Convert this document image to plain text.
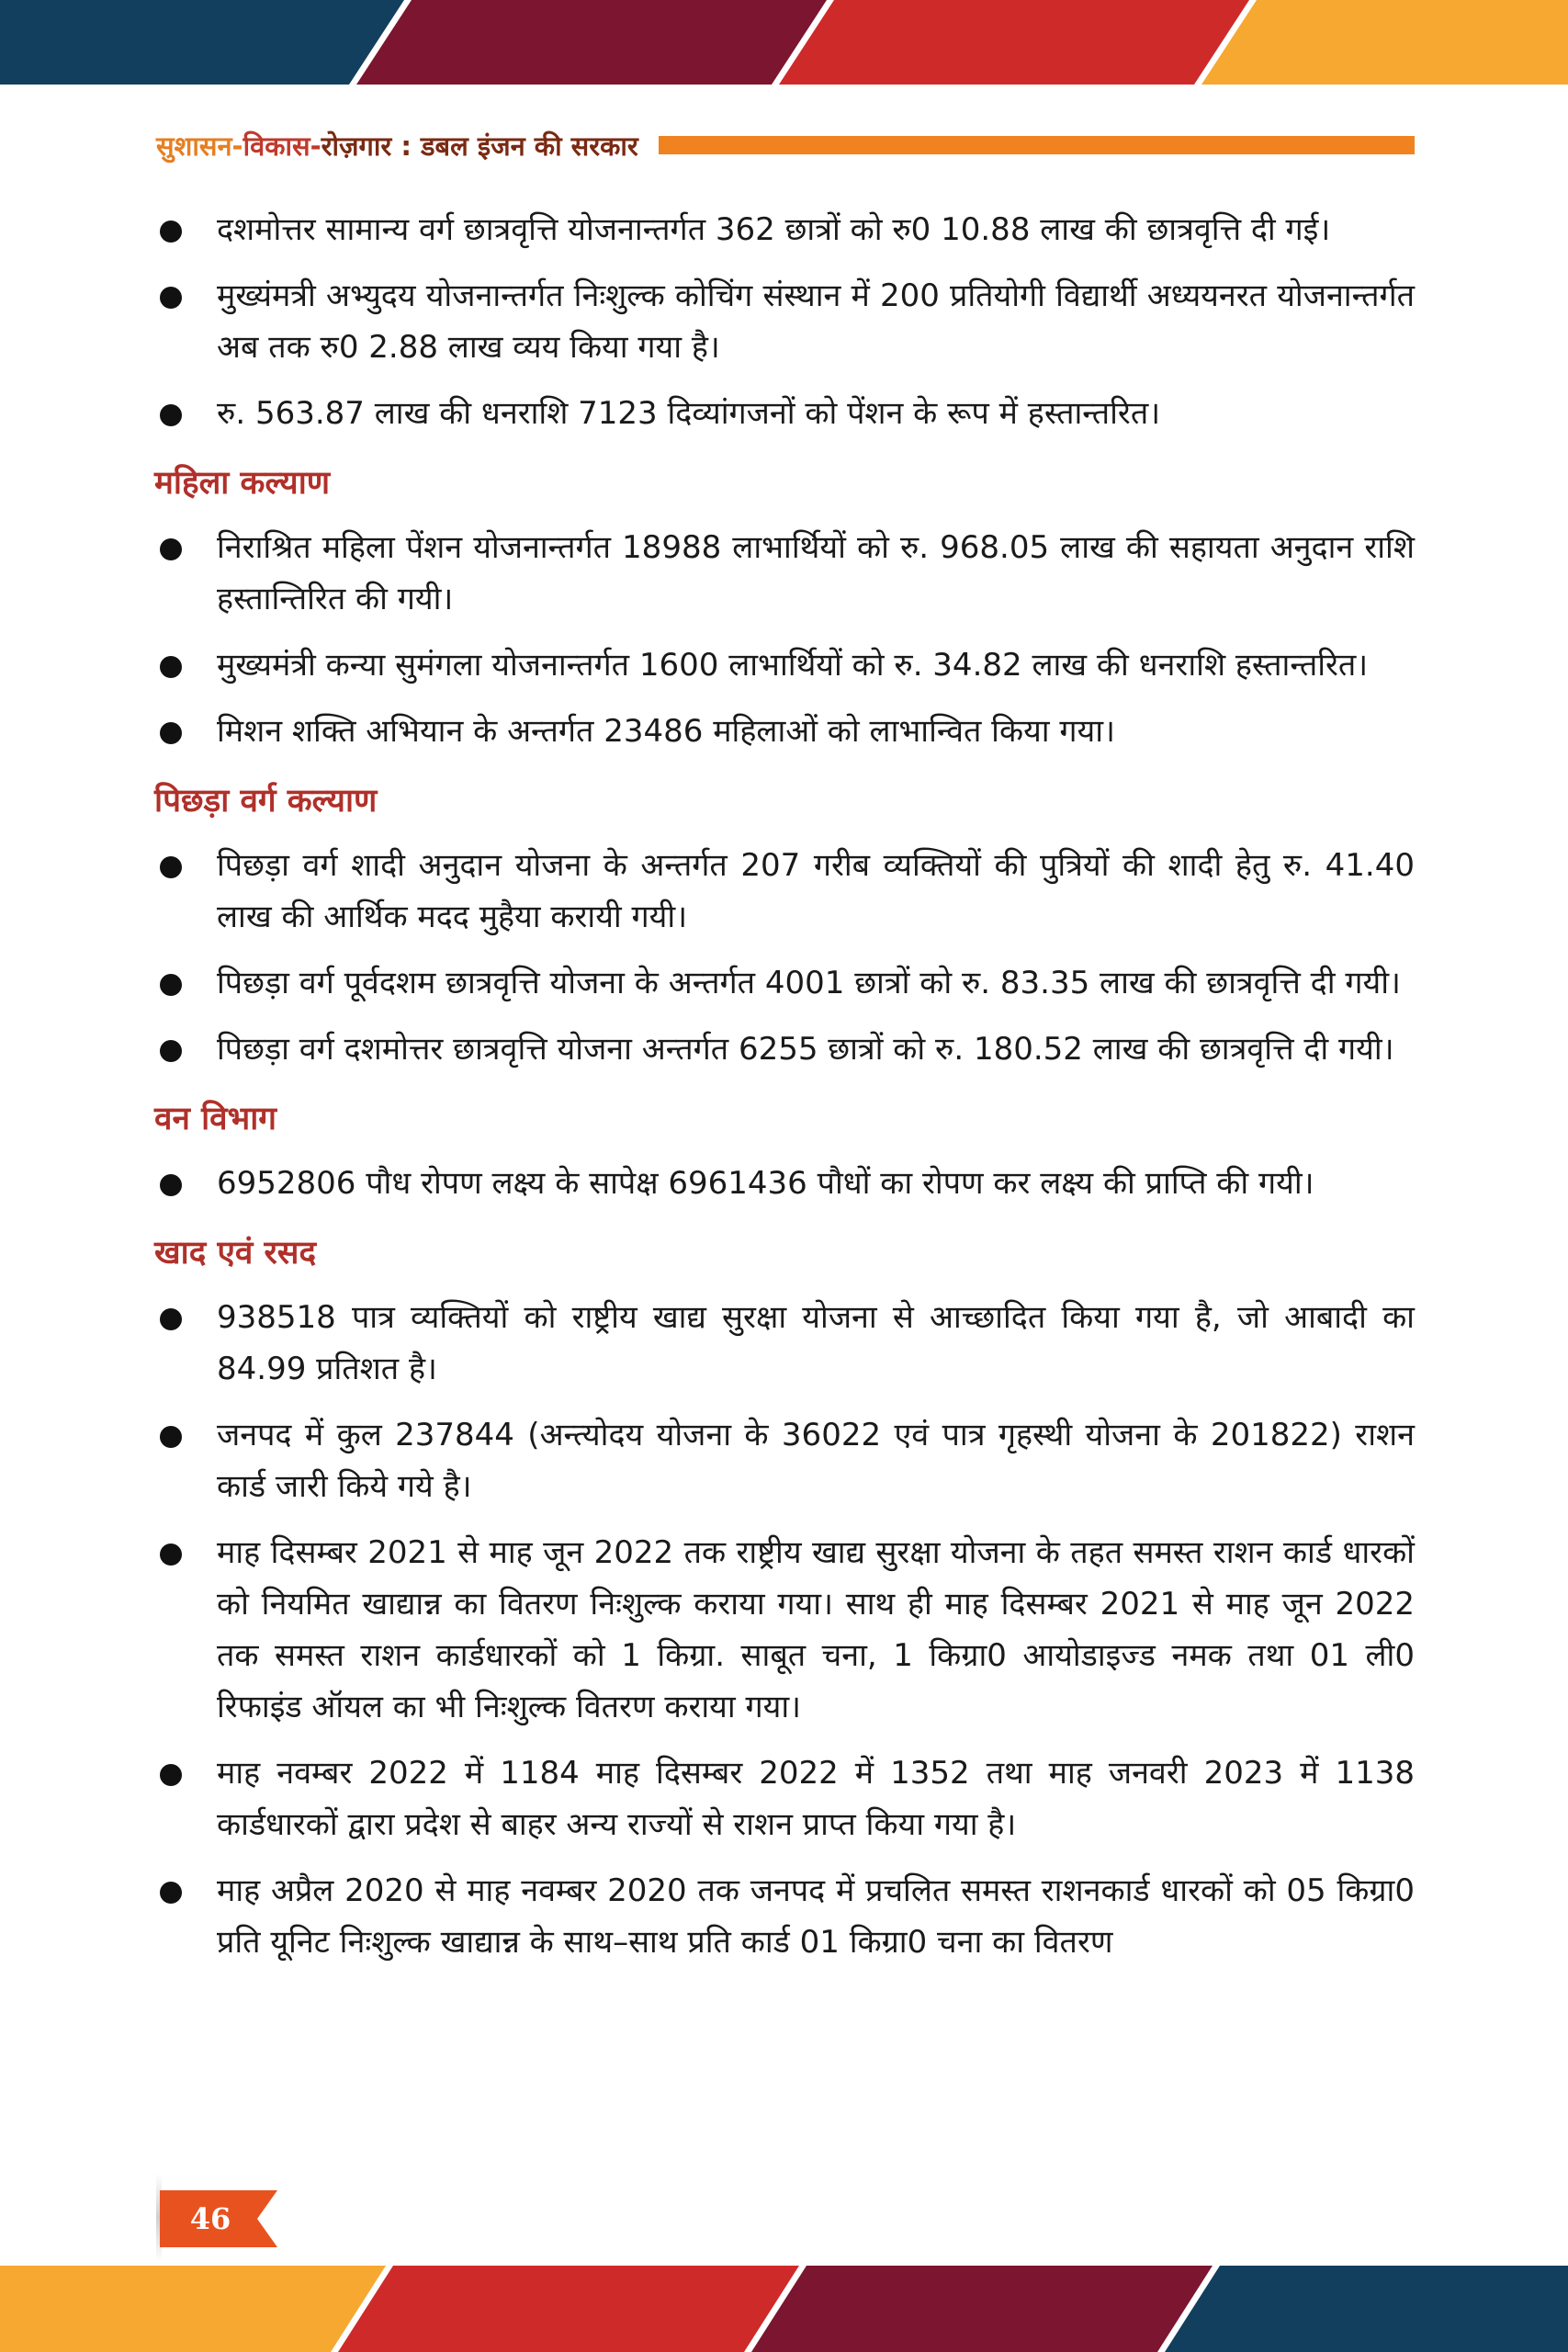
सुशासन-विकास-रोज़गार : डबल इंजन की सरकार
दशमोत्तर सामान्य वर्ग छात्रवृत्ति योजनान्तर्गत 362 छात्रों को रु0 10.88 लाख की छात्रवृत्ति दी गई।
मुख्यंमत्री अभ्युदय योजनान्तर्गत निःशुल्क कोचिंग संस्थान में 200 प्रतियोगी विद्यार्थी अध्ययनरत योजनान्तर्गत अब तक रु0 2.88 लाख व्यय किया गया है।
रु. 563.87 लाख की धनराशि 7123 दिव्यांगजनों को पेंशन के रूप में हस्तान्तरित।
महिला कल्याण
निराश्रित महिला पेंशन योजनान्तर्गत 18988 लाभार्थियों को रु. 968.05 लाख की सहायता अनुदान राशि हस्तान्तिरित की गयी।
मुख्यमंत्री कन्या सुमंगला योजनान्तर्गत 1600 लाभार्थियों को रु. 34.82 लाख की धनराशि हस्तान्तरित।
मिशन शक्ति अभियान के अन्तर्गत 23486 महिलाओं को लाभान्वित किया गया।
पिछड़ा वर्ग कल्याण
पिछड़ा वर्ग शादी अनुदान योजना के अन्तर्गत 207 गरीब व्यक्तियों की पुत्रियों की शादी हेतु रु. 41.40 लाख की आर्थिक मदद मुहैया करायी गयी।
पिछड़ा वर्ग पूर्वदशम छात्रवृत्ति योजना के अन्तर्गत 4001 छात्रों को रु. 83.35 लाख की छात्रवृत्ति दी गयी।
पिछड़ा वर्ग दशमोत्तर छात्रवृत्ति योजना अन्तर्गत 6255 छात्रों को रु. 180.52 लाख की छात्रवृत्ति दी गयी।
वन विभाग
6952806 पौध रोपण लक्ष्य के सापेक्ष 6961436 पौधों का रोपण कर लक्ष्य की प्राप्ति की गयी।
खाद एवं रसद
938518 पात्र व्यक्तियों को राष्ट्रीय खाद्य सुरक्षा योजना से आच्छादित किया गया है, जो आबादी का 84.99 प्रतिशत है।
जनपद में कुल 237844 (अन्त्योदय योजना के 36022 एवं पात्र गृहस्थी योजना के 201822) राशन कार्ड जारी किये गये है।
माह दिसम्बर 2021 से माह जून 2022 तक राष्ट्रीय खाद्य सुरक्षा योजना के तहत समस्त राशन कार्ड धारकों को नियमित खाद्यान्न का वितरण निःशुल्क कराया गया। साथ ही माह दिसम्बर 2021 से माह जून 2022 तक समस्त राशन कार्डधारकों को 1 किग्रा. साबूत चना, 1 किग्रा0 आयोडाइज्ड नमक तथा 01 ली0 रिफाइंड ऑयल का भी निःशुल्क वितरण कराया गया।
माह नवम्बर 2022 में 1184 माह दिसम्बर 2022 में 1352 तथा माह जनवरी 2023 में 1138 कार्डधारकों द्वारा प्रदेश से बाहर अन्य राज्यों से राशन प्राप्त किया गया है।
माह अप्रैल 2020 से माह नवम्बर 2020 तक जनपद में प्रचलित समस्त राशनकार्ड धारकों को 05 किग्रा0 प्रति यूनिट निःशुल्क खाद्यान्न के साथ–साथ प्रति कार्ड 01 किग्रा0 चना का वितरण
46
